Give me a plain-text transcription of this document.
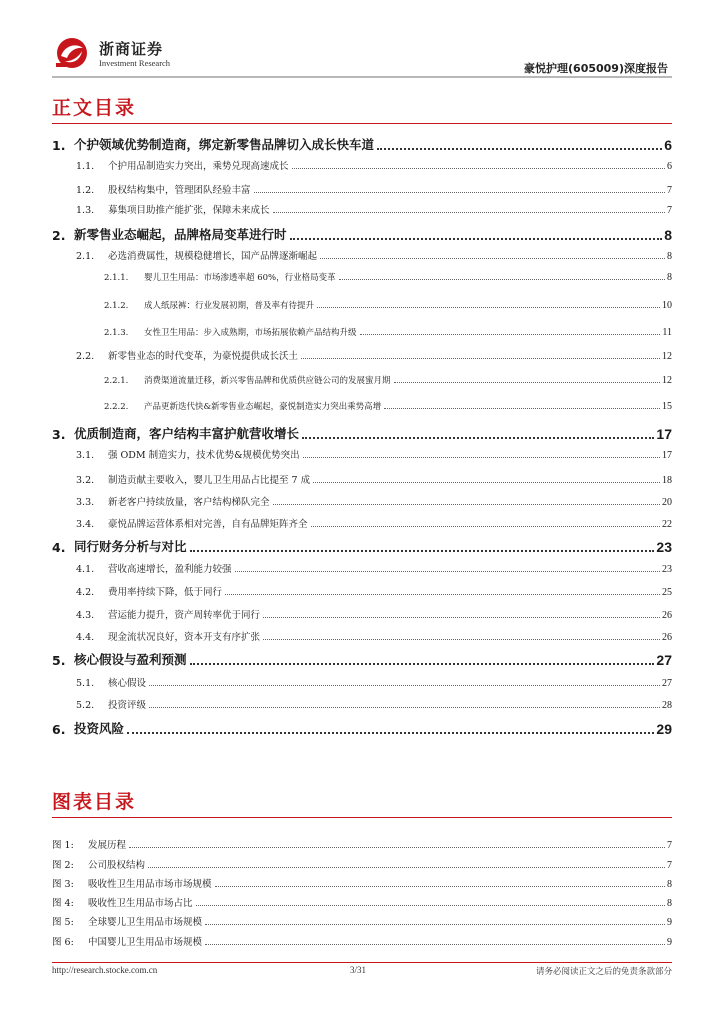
浙商证券
Investment Research	豪悦护理(605009)深度报告
正文目录
1. 个护领域优势制造商，绑定新零售品牌切入成长快车道	6
1.1.	个护用品制造实力突出，乘势兑现高速成长	6
1.2.	股权结构集中，管理团队经验丰富	7
1.3.	募集项目助推产能扩张，保障未来成长	7
2. 新零售业态崛起，品牌格局变革进行时	8
2.1.	必选消费属性，规模稳健增长，国产品牌逐渐崛起	8
2.1.1.	婴儿卫生用品：市场渗透率超 60%，行业格局变革	8
2.1.2.	成人纸尿裤：行业发展初期，普及率有待提升	10
2.1.3.	女性卫生用品：步入成熟期，市场拓展依赖产品结构升级	11
2.2.	新零售业态的时代变革，为豪悦提供成长沃土	12
2.2.1.	消费渠道流量迁移，新兴零售品牌和优质供应链公司的发展蜜月期	12
2.2.2.	产品更新迭代快&新零售业态崛起，豪悦制造实力突出乘势高增	15
3. 优质制造商，客户结构丰富护航营收增长	17
3.1.	强 ODM 制造实力，技术优势&规模优势突出	17
3.2.	制造贡献主要收入，婴儿卫生用品占比提至 7 成	18
3.3.	新老客户持续放量，客户结构梯队完全	20
3.4.	豪悦品牌运营体系相对完善，自有品牌矩阵齐全	22
4. 同行财务分析与对比	23
4.1.	营收高速增长，盈利能力较强	23
4.2.	费用率持续下降，低于同行	25
4.3.	营运能力提升，资产周转率优于同行	26
4.4.	现金流状况良好，资本开支有序扩张	26
5. 核心假设与盈利预测	27
5.1.	核心假设	27
5.2.	投资评级	28
6. 投资风险	29
图表目录
图 1:	发展历程	7
图 2:	公司股权结构	7
图 3:	吸收性卫生用品市场市场规模	8
图 4:	吸收性卫生用品市场占比	8
图 5:	全球婴儿卫生用品市场规模	9
图 6:	中国婴儿卫生用品市场规模	9
http://research.stocke.com.cn	3/31	请务必阅读正文之后的免责条款部分
